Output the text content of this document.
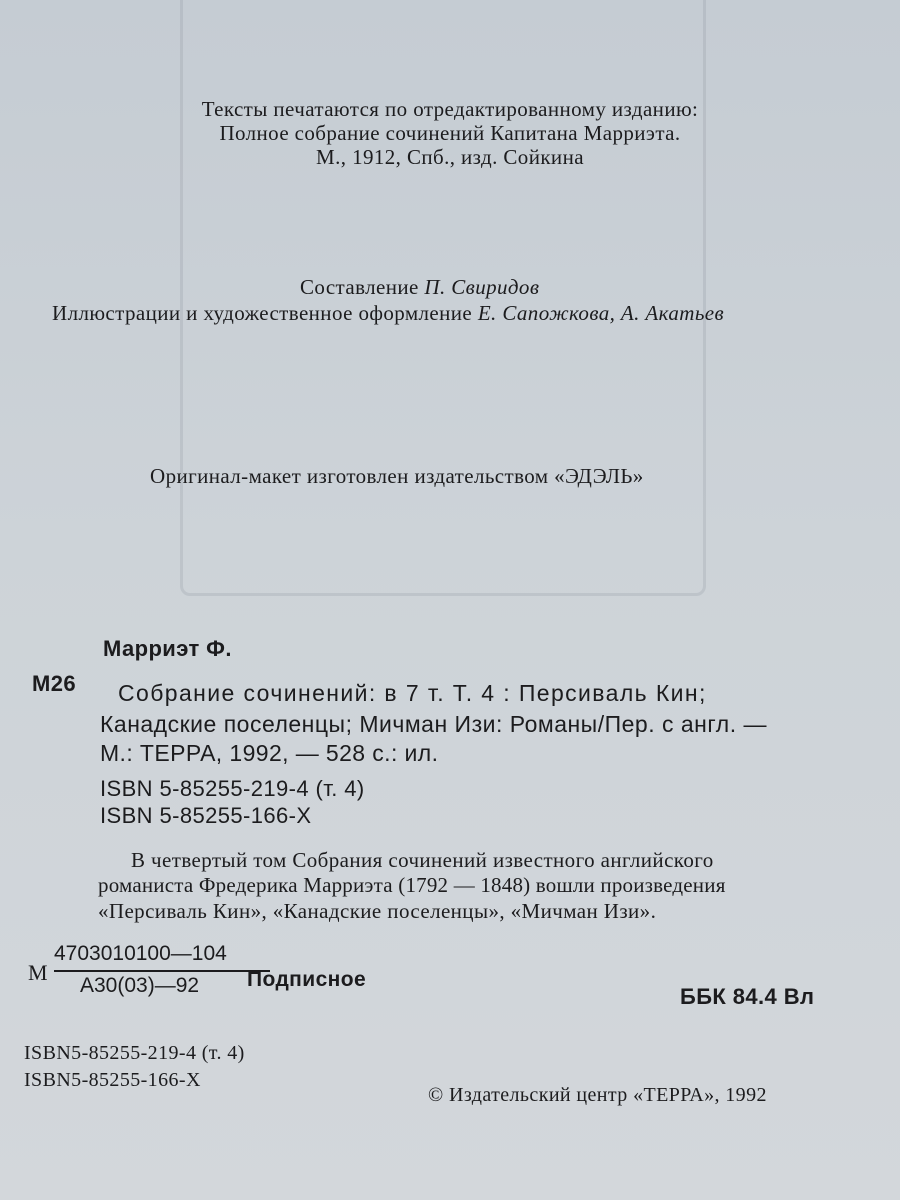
Тексты печатаются по отредактированному изданию:
Полное собрание сочинений Капитана Марриэта.
М., 1912, Спб., изд. Сойкина
Составление П. Свиридов
Иллюстрации и художественное оформление Е. Сапожкова, А. Акатьев
Оригинал-макет изготовлен издательством «ЭДЭЛЬ»
Марриэт Ф.
М26 Собрание сочинений: в 7 т. Т. 4 : Персиваль Кин;
Канадские поселенцы; Мичман Изи: Романы/Пер. с англ. —
М.: ТЕРРА, 1992, — 528 с.: ил.
ISBN 5-85255-219-4 (т. 4)
ISBN 5-85255-166-X
В четвертый том Собрания сочинений известного английского
романиста Фредерика Марриэта (1792 — 1848) вошли произведения
«Персиваль Кин», «Канадские поселенцы», «Мичман Изи».
М
4703010100—104
А30(03)—92 Подписное
ББК 84.4 Вл
ISBN5-85255-219-4 (т. 4)
ISBN5-85255-166-X
© Издательский центр «ТЕРРА», 1992
